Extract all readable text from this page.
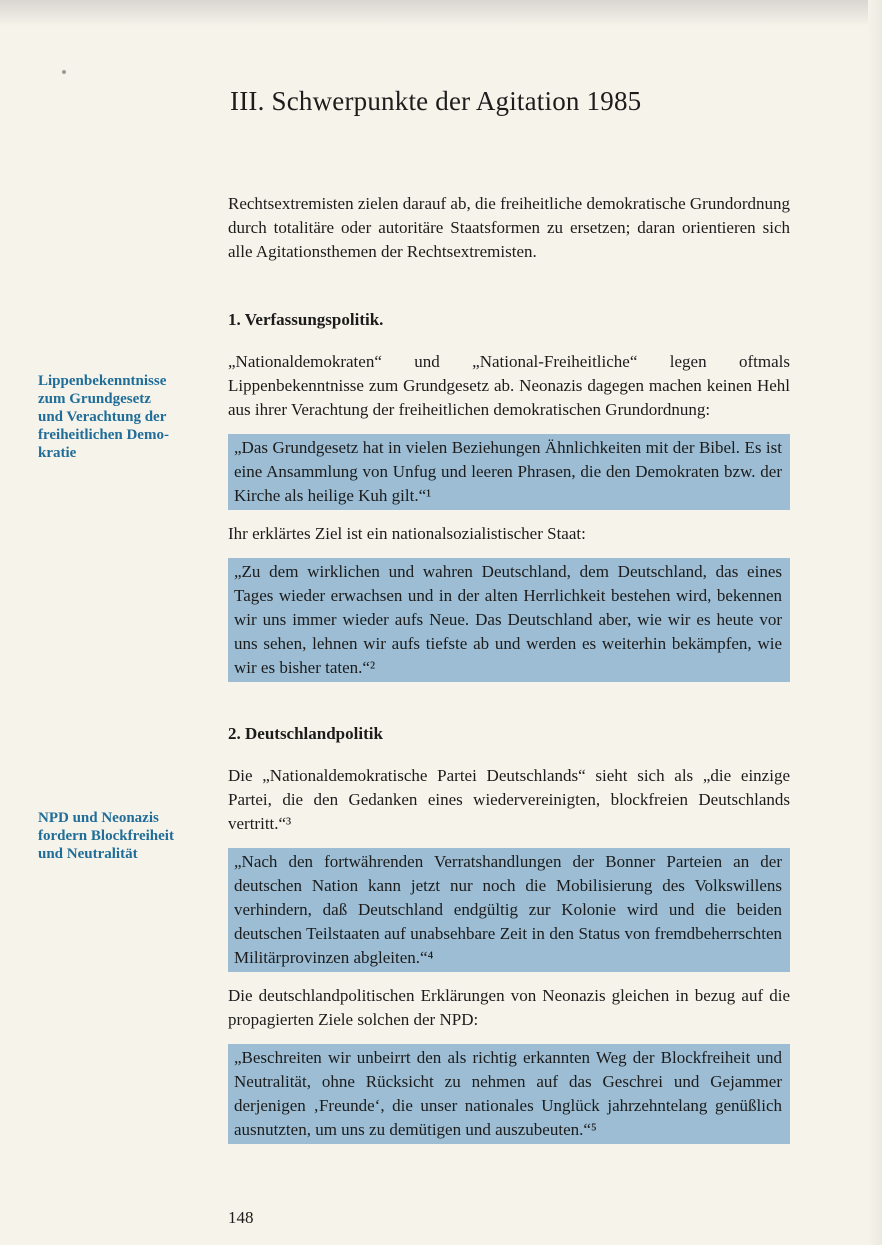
III. Schwerpunkte der Agitation 1985
Lippenbekenntnisse
zum Grundgesetz
und Verachtung der
freiheitlichen Demo-
kratie
NPD und Neonazis
fordern Blockfreiheit
und Neutralität

Rechtsextremisten zielen darauf ab, die freiheitliche demokratische Grundordnung durch totalitäre oder autoritäre Staatsformen zu ersetzen; daran orientieren sich alle Agitationsthemen der Rechtsextremisten.

1. Verfassungspolitik.

„Nationaldemokraten“ und „National-Freiheitliche“ legen oftmals Lippenbekenntnisse zum Grundgesetz ab. Neonazis dagegen machen keinen Hehl aus ihrer Verachtung der freiheitlichen demokratischen Grundordnung:

„Das Grundgesetz hat in vielen Beziehungen Ähnlichkeiten mit der Bibel. Es ist eine Ansammlung von Unfug und leeren Phrasen, die den Demokraten bzw. der Kirche als heilige Kuh gilt.“¹

Ihr erklärtes Ziel ist ein nationalsozialistischer Staat:

„Zu dem wirklichen und wahren Deutschland, dem Deutschland, das eines Tages wieder erwachsen und in der alten Herrlichkeit bestehen wird, bekennen wir uns immer wieder aufs Neue. Das Deutschland aber, wie wir es heute vor uns sehen, lehnen wir aufs tiefste ab und werden es weiterhin bekämpfen, wie wir es bisher taten.“²

2. Deutschlandpolitik

Die „Nationaldemokratische Partei Deutschlands“ sieht sich als „die einzige Partei, die den Gedanken eines wiedervereinigten, blockfreien Deutschlands vertritt.“³

„Nach den fortwährenden Verratshandlungen der Bonner Parteien an der deutschen Nation kann jetzt nur noch die Mobilisierung des Volkswillens verhindern, daß Deutschland endgültig zur Kolonie wird und die beiden deutschen Teilstaaten auf unabsehbare Zeit in den Status von fremdbeherrschten Militärprovinzen abgleiten.“⁴

Die deutschlandpolitischen Erklärungen von Neonazis gleichen in bezug auf die propagierten Ziele solchen der NPD:

„Beschreiten wir unbeirrt den als richtig erkannten Weg der Blockfreiheit und Neutralität, ohne Rücksicht zu nehmen auf das Geschrei und Gejammer derjenigen ‚Freunde‘, die unser nationales Unglück jahrzehntelang genüßlich ausnutzten, um uns zu demütigen und auszubeuten.“⁵

148
